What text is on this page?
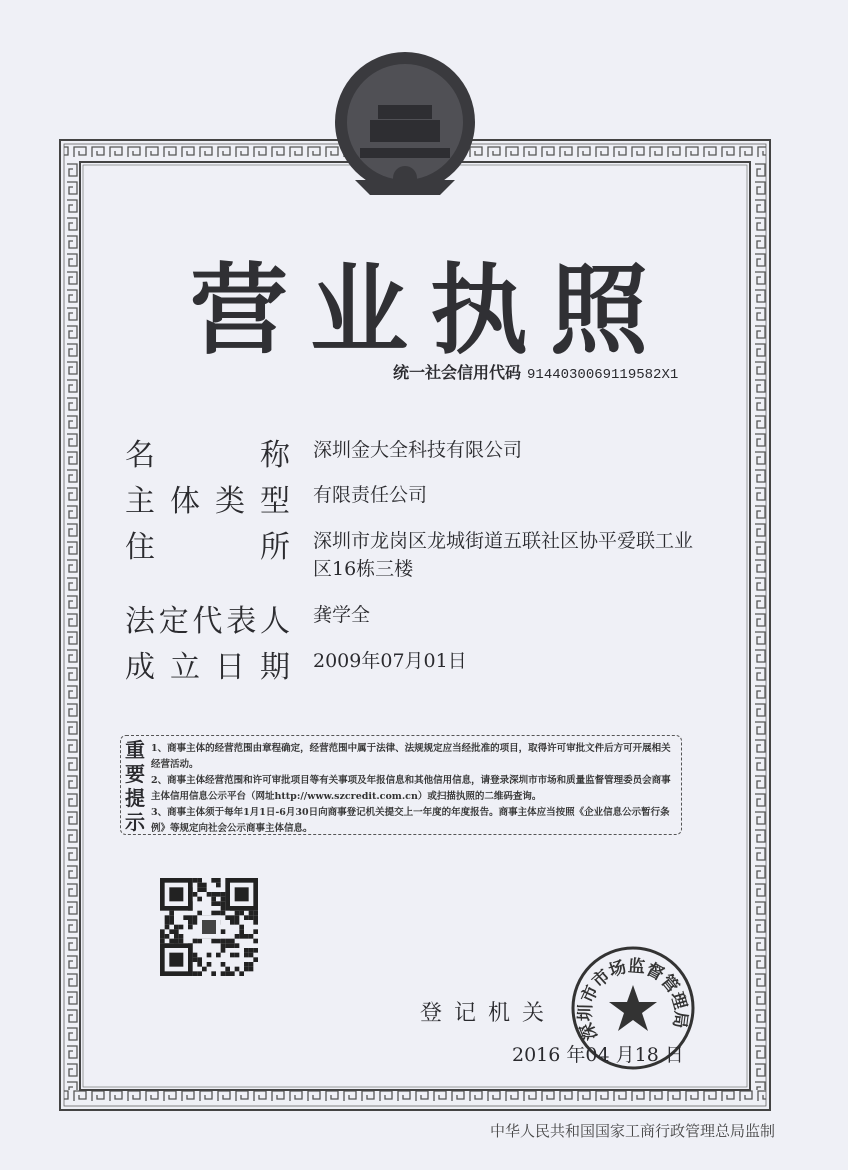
营业执照
统一社会信用代码 9144030069119582X1
名	称 深圳金大全科技有限公司
主 体 类 型 有限责任公司
住	所 深圳市龙岗区龙城街道五联社区协平爱联工业区16栋三楼
法 定 代 表 人 龚学全
成 立 日 期 2009年07月01日
重
要
提
示
1、商事主体的经营范围由章程确定，经营范围中属于法律、法规规定应当经批准的项目，取得许可审批文件后方可开展相关经营活动。
2、商事主体经营范围和许可审批项目等有关事项及年报信息和其他信用信息，请登录深圳市市场和质量监督管理委员会商事主体信用信息公示平台（网址http://www.szcredit.com.cn）或扫描执照的二维码查询。
3、商事主体须于每年1月1日-6月30日向商事登记机关提交上一年度的年度报告。商事主体应当按照《企业信息公示暂行条例》等规定向社会公示商事主体信息。
登记机关
深圳市市场监督管理局
2016 年04 月18 日
中华人民共和国国家工商行政管理总局监制
